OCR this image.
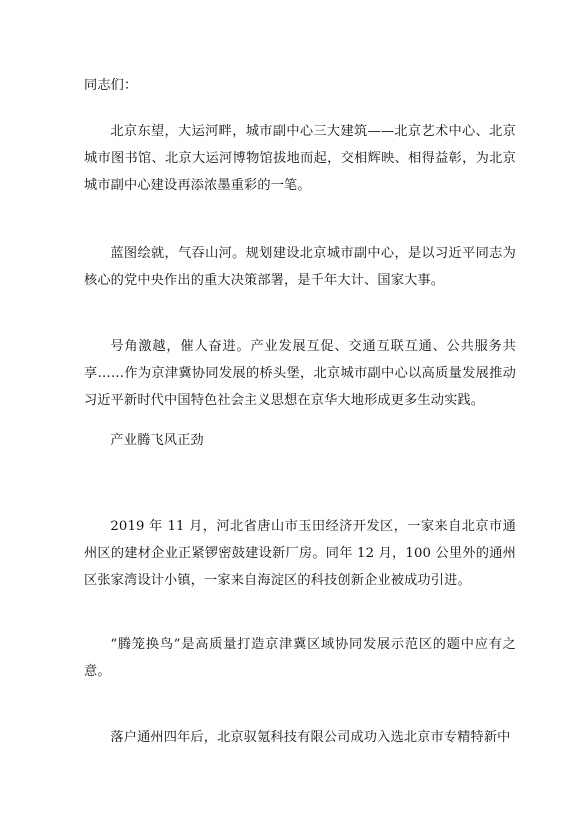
同志们：

北京东望，大运河畔，城市副中心三大建筑——北京艺术中心、北京城市图书馆、北京大运河博物馆拔地而起，交相辉映、相得益彰，为北京城市副中心建设再添浓墨重彩的一笔。

蓝图绘就，气吞山河。规划建设北京城市副中心，是以习近平同志为核心的党中央作出的重大决策部署，是千年大计、国家大事。

号角激越，催人奋进。产业发展互促、交通互联互通、公共服务共享……作为京津冀协同发展的桥头堡，北京城市副中心以高质量发展推动习近平新时代中国特色社会主义思想在京华大地形成更多生动实践。

产业腾飞风正劲

2019 年 11 月，河北省唐山市玉田经济开发区，一家来自北京市通州区的建材企业正紧锣密鼓建设新厂房。同年 12 月，100 公里外的通州区张家湾设计小镇，一家来自海淀区的科技创新企业被成功引进。

“腾笼换鸟”是高质量打造京津冀区域协同发展示范区的题中应有之意。

落户通州四年后，北京驭氪科技有限公司成功入选北京市专精特新中
